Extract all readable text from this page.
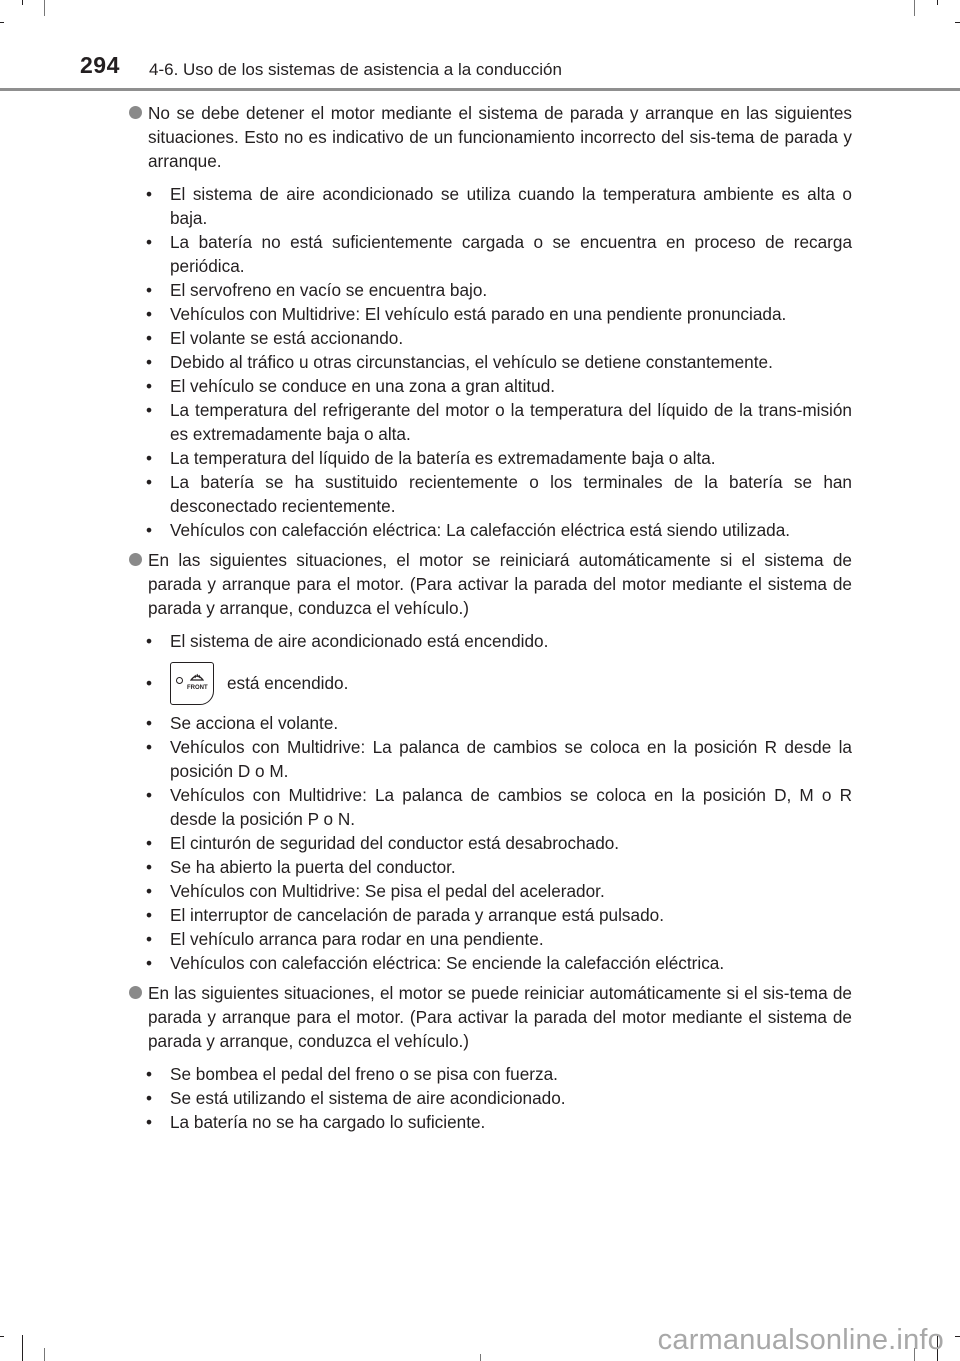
294 4-6. Uso de los sistemas de asistencia a la conducción
No se debe detener el motor mediante el sistema de parada y arranque en las siguientes situaciones. Esto no es indicativo de un funcionamiento incorrecto del sis-tema de parada y arranque.
• El sistema de aire acondicionado se utiliza cuando la temperatura ambiente es alta o baja.
• La batería no está suficientemente cargada o se encuentra en proceso de recarga periódica.
• El servofreno en vacío se encuentra bajo.
• Vehículos con Multidrive: El vehículo está parado en una pendiente pronunciada.
• El volante se está accionando.
• Debido al tráfico u otras circunstancias, el vehículo se detiene constantemente.
• El vehículo se conduce en una zona a gran altitud.
• La temperatura del refrigerante del motor o la temperatura del líquido de la trans-misión es extremadamente baja o alta.
• La temperatura del líquido de la batería es extremadamente baja o alta.
• La batería se ha sustituido recientemente o los terminales de la batería se han desconectado recientemente.
• Vehículos con calefacción eléctrica: La calefacción eléctrica está siendo utilizada.
En las siguientes situaciones, el motor se reiniciará automáticamente si el sistema de parada y arranque para el motor. (Para activar la parada del motor mediante el sistema de parada y arranque, conduzca el vehículo.)
• El sistema de aire acondicionado está encendido.
•	FRONT está encendido.
• Se acciona el volante.
• Vehículos con Multidrive: La palanca de cambios se coloca en la posición R desde la posición D o M.
• Vehículos con Multidrive: La palanca de cambios se coloca en la posición D, M o R desde la posición P o N.
• El cinturón de seguridad del conductor está desabrochado.
• Se ha abierto la puerta del conductor.
• Vehículos con Multidrive: Se pisa el pedal del acelerador.
• El interruptor de cancelación de parada y arranque está pulsado.
• El vehículo arranca para rodar en una pendiente.
• Vehículos con calefacción eléctrica: Se enciende la calefacción eléctrica.
En las siguientes situaciones, el motor se puede reiniciar automáticamente si el sis-tema de parada y arranque para el motor. (Para activar la parada del motor mediante el sistema de parada y arranque, conduzca el vehículo.)
• Se bombea el pedal del freno o se pisa con fuerza.
• Se está utilizando el sistema de aire acondicionado.
• La batería no se ha cargado lo suficiente.
carmanualsonline.info
